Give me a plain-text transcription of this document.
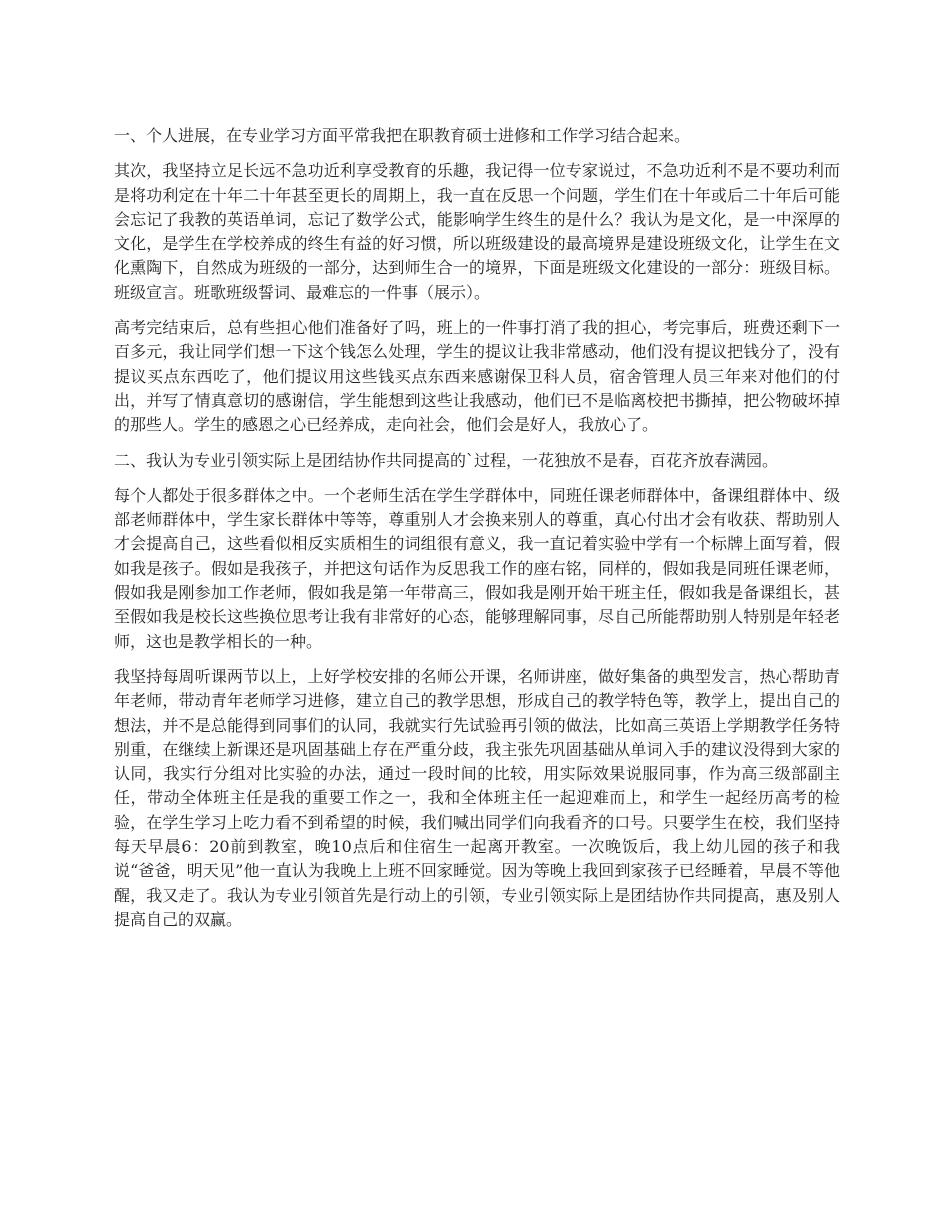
一、个人进展，在专业学习方面平常我把在职教育硕士进修和工作学习结合起来。

其次，我坚持立足长远不急功近利享受教育的乐趣，我记得一位专家说过，不急功近利不是不要功利而是将功利定在十年二十年甚至更长的周期上，我一直在反思一个问题，学生们在十年或后二十年后可能会忘记了我教的英语单词，忘记了数学公式，能影响学生终生的是什么？我认为是文化，是一中深厚的文化，是学生在学校养成的终生有益的好习惯，所以班级建设的最高境界是建设班级文化，让学生在文化熏陶下，自然成为班级的一部分，达到师生合一的境界，下面是班级文化建设的一部分：班级目标。班级宣言。班歌班级誓词、最难忘的一件事（展示）。

高考完结束后，总有些担心他们准备好了吗，班上的一件事打消了我的担心，考完事后，班费还剩下一百多元，我让同学们想一下这个钱怎么处理，学生的提议让我非常感动，他们没有提议把钱分了，没有提议买点东西吃了，他们提议用这些钱买点东西来感谢保卫科人员，宿舍管理人员三年来对他们的付出，并写了情真意切的感谢信，学生能想到这些让我感动，他们已不是临离校把书撕掉，把公物破坏掉的那些人。学生的感恩之心已经养成，走向社会，他们会是好人，我放心了。

二、我认为专业引领实际上是团结协作共同提高的`过程，一花独放不是春，百花齐放春满园。

每个人都处于很多群体之中。一个老师生活在学生学群体中，同班任课老师群体中，备课组群体中、级部老师群体中，学生家长群体中等等，尊重别人才会换来别人的尊重，真心付出才会有收获、帮助别人才会提高自己，这些看似相反实质相生的词组很有意义，我一直记着实验中学有一个标牌上面写着，假如我是孩子。假如是我孩子，并把这句话作为反思我工作的座右铭，同样的，假如我是同班任课老师，假如我是刚参加工作老师，假如我是第一年带高三，假如我是刚开始干班主任，假如我是备课组长，甚至假如我是校长这些换位思考让我有非常好的心态，能够理解同事，尽自己所能帮助别人特别是年轻老师，这也是教学相长的一种。

我坚持每周听课两节以上，上好学校安排的名师公开课，名师讲座，做好集备的典型发言，热心帮助青年老师，带动青年老师学习进修，建立自己的教学思想，形成自己的教学特色等，教学上，提出自己的想法，并不是总能得到同事们的认同，我就实行先试验再引领的做法，比如高三英语上学期教学任务特别重，在继续上新课还是巩固基础上存在严重分歧，我主张先巩固基础从单词入手的建议没得到大家的认同，我实行分组对比实验的办法，通过一段时间的比较，用实际效果说服同事，作为高三级部副主任，带动全体班主任是我的重要工作之一，我和全体班主任一起迎难而上，和学生一起经历高考的检验，在学生学习上吃力看不到希望的时候，我们喊出同学们向我看齐的口号。只要学生在校，我们坚持每天早晨6：20前到教室，晚10点后和住宿生一起离开教室。一次晚饭后，我上幼儿园的孩子和我说“爸爸，明天见”他一直认为我晚上上班不回家睡觉。因为等晚上我回到家孩子已经睡着，早晨不等他醒，我又走了。我认为专业引领首先是行动上的引领，专业引领实际上是团结协作共同提高，惠及别人提高自己的双赢。
